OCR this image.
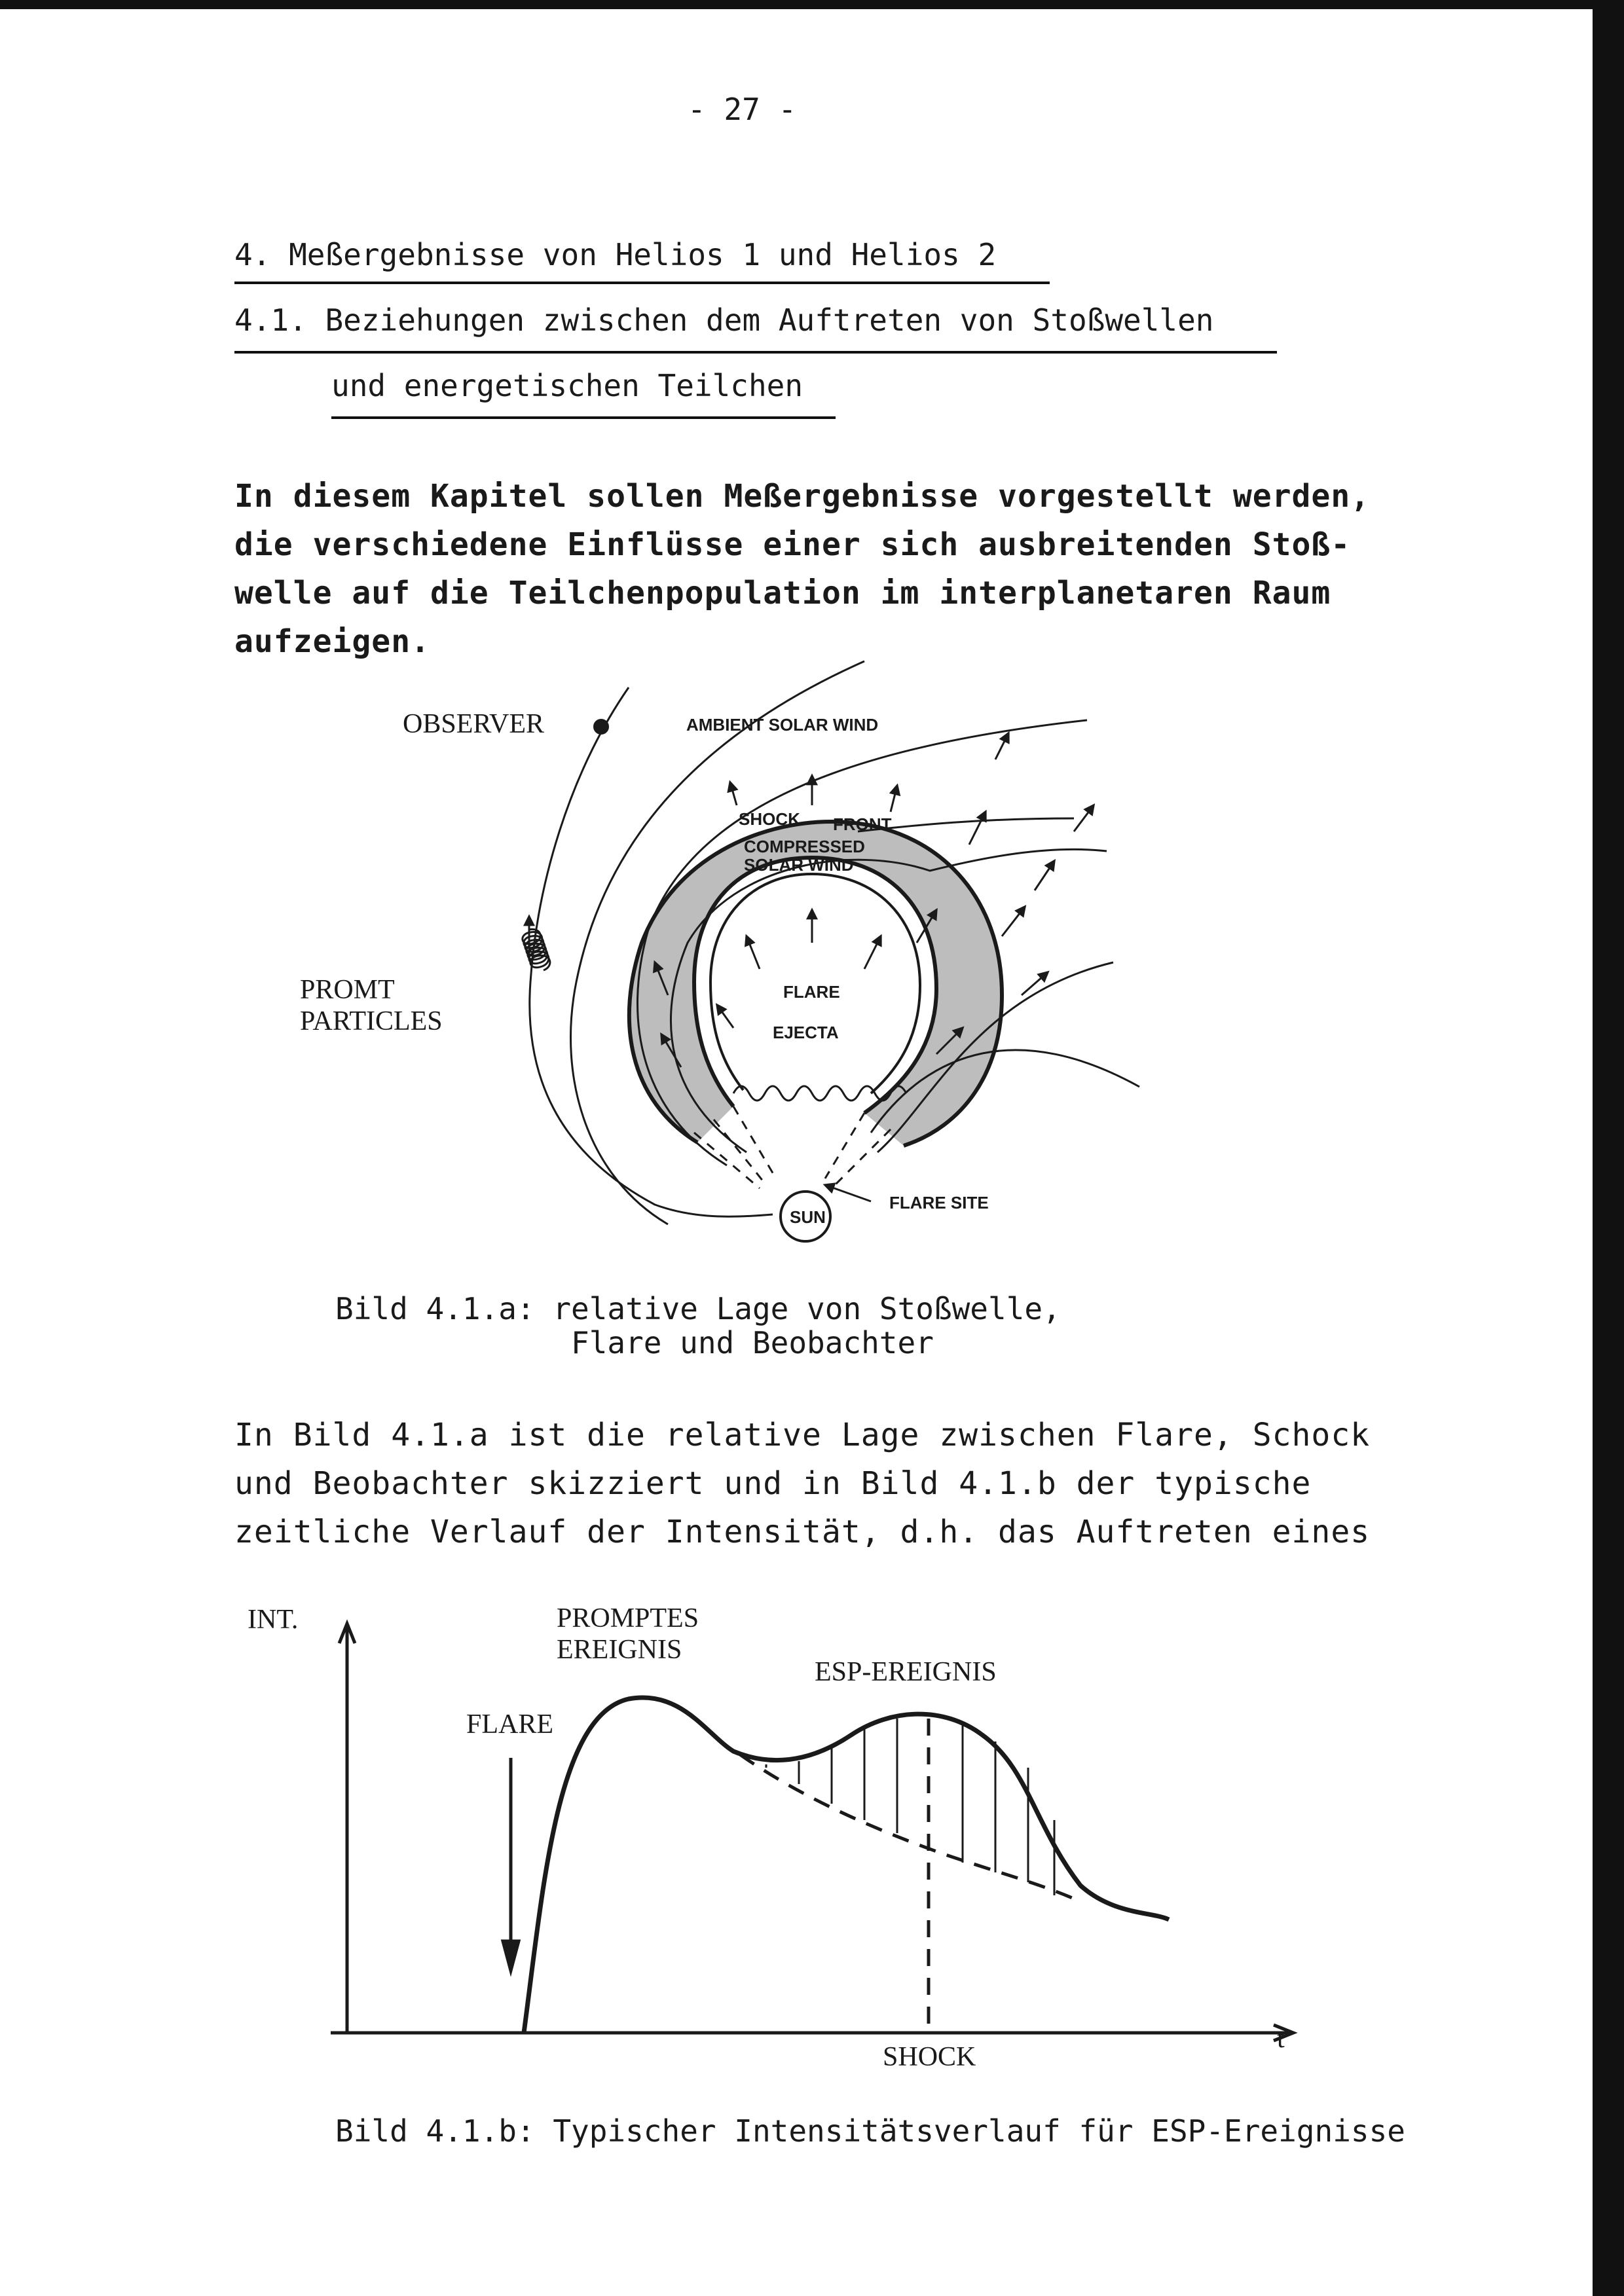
- 27 -
4. Meßergebnisse von Helios 1 und Helios 2
4.1. Beziehungen zwischen dem Auftreten von Stoßwellen
und energetischen Teilchen
In diesem Kapitel sollen Meßergebnisse vorgestellt werden,
die verschiedene Einflüsse einer sich ausbreitenden Stoß-
welle auf die Teilchenpopulation im interplanetaren Raum
aufzeigen.
OBSERVER	AMBIENT SOLAR WIND
SHOCK FRONT
COMPRESSED
SOLAR WIND
PROMT
PARTICLES
FLARE
EJECTA
SUN
FLARE SITE
Bild 4.1.a: relative Lage von Stoßwelle,
Flare und Beobachter
In Bild 4.1.a ist die relative Lage zwischen Flare, Schock
und Beobachter skizziert und in Bild 4.1.b der typische
zeitliche Verlauf der Intensität, d.h. das Auftreten eines
INT.	PROMPTES
EREIGNIS
ESP-EREIGNIS
FLARE
SHOCK
t
Bild 4.1.b: Typischer Intensitätsverlauf für ESP-Ereignisse
